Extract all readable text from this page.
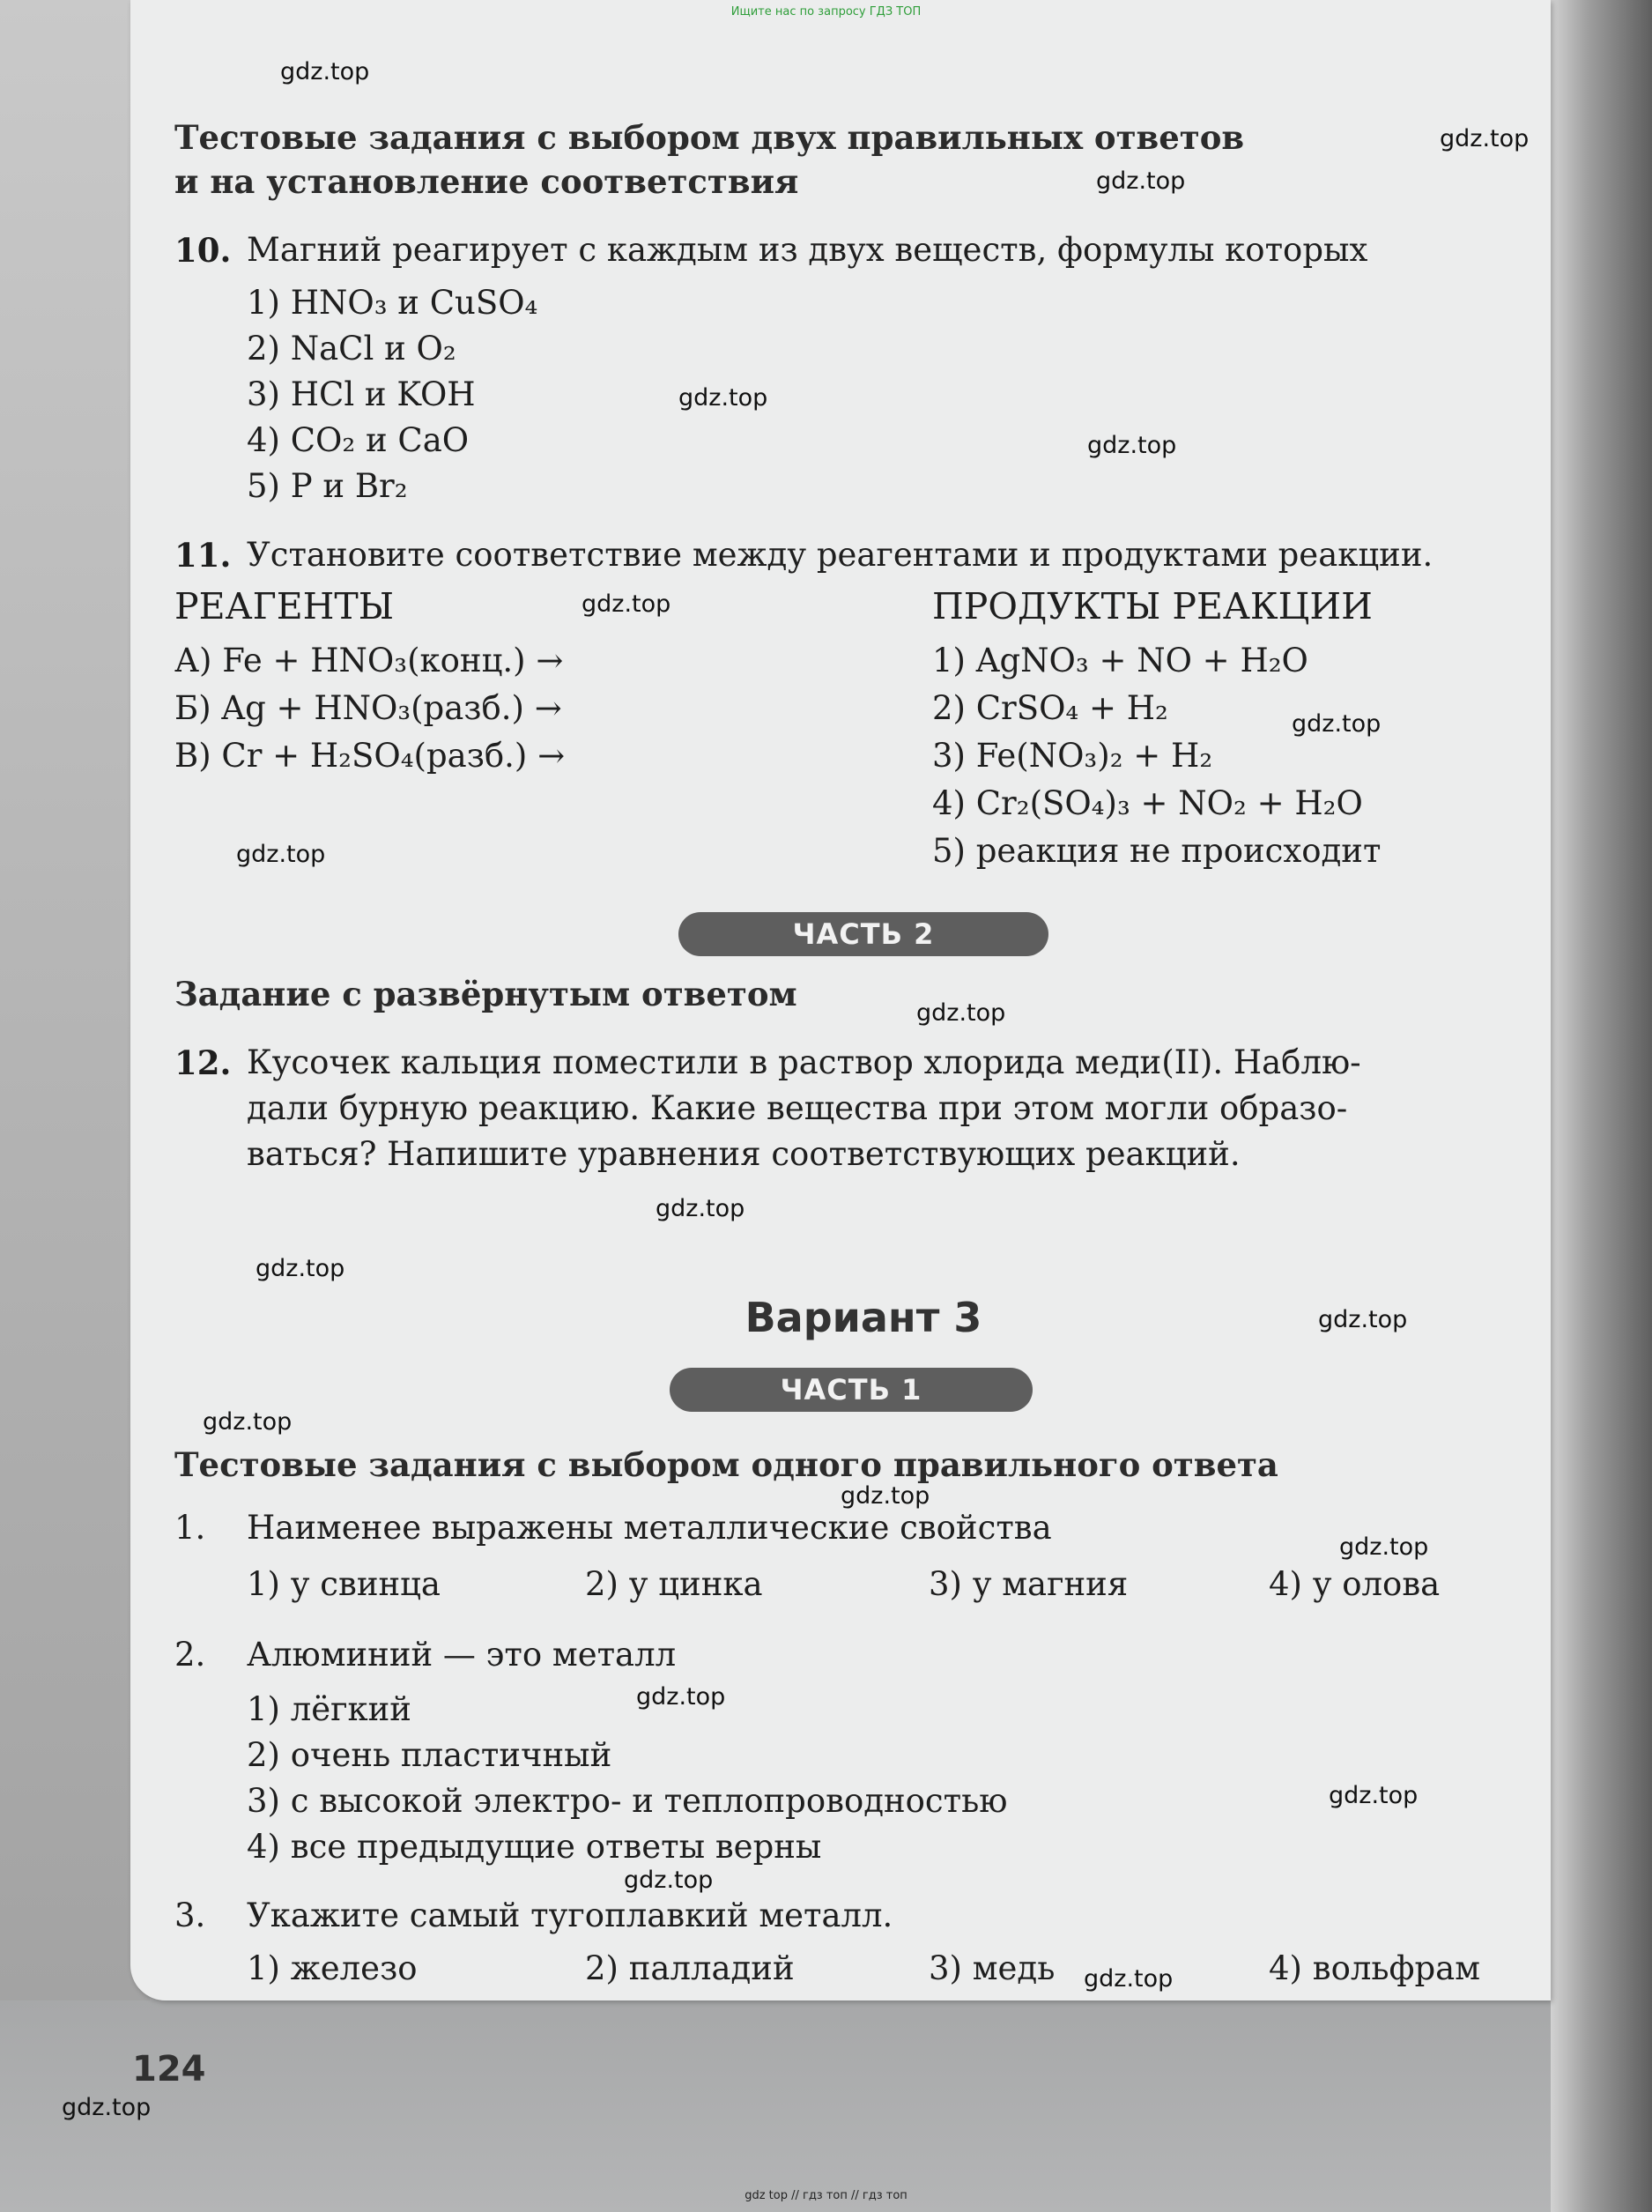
Ищите нас по запросу ГДЗ ТОП
Тестовые задания с выбором двух правильных ответов
и на установление соответствия
10. Магний реагирует с каждым из двух веществ, формулы которых
1) HNO₃ и CuSO₄
2) NaCl и O₂
3) HCl и KOH
4) CO₂ и CaO
5) P и Br₂
11. Установите соответствие между реагентами и продуктами реакции.
РЕАГЕНТЫ	ПРОДУКТЫ РЕАКЦИИ
А) Fe + HNO₃(конц.) →
Б) Ag + HNO₃(разб.) →
В) Cr + H₂SO₄(разб.) →
1) AgNO₃ + NO + H₂O
2) CrSO₄ + H₂
3) Fe(NO₃)₂ + H₂
4) Cr₂(SO₄)₃ + NO₂ + H₂O
5) реакция не происходит
ЧАСТЬ 2
Задание с развёрнутым ответом
12. Кусочек кальция поместили в раствор хлорида меди(II). Наблю-
дали бурную реакцию. Какие вещества при этом могли образо-
ваться? Напишите уравнения соответствующих реакций.
Вариант 3
ЧАСТЬ 1
Тестовые задания с выбором одного правильного ответа
1. Наименее выражены металлические свойства
1) у свинца	2) у цинка	3) у магния	4) у олова
2. Алюминий — это металл
1) лёгкий
2) очень пластичный
3) с высокой электро- и теплопроводностью
4) все предыдущие ответы верны
3. Укажите самый тугоплавкий металл.
1) железо	2) палладий	3) медь	4) вольфрам
124
gdz.top
gdz.top
gdz.top
gdz.top
gdz.top
gdz.top
gdz.top
gdz.top
gdz.top
gdz.top
gdz.top
gdz.top
gdz.top
gdz.top
gdz.top
gdz.top
gdz.top
gdz.top
gdz.top
gdz.top
gdz top // гдз топ // гдз топ
